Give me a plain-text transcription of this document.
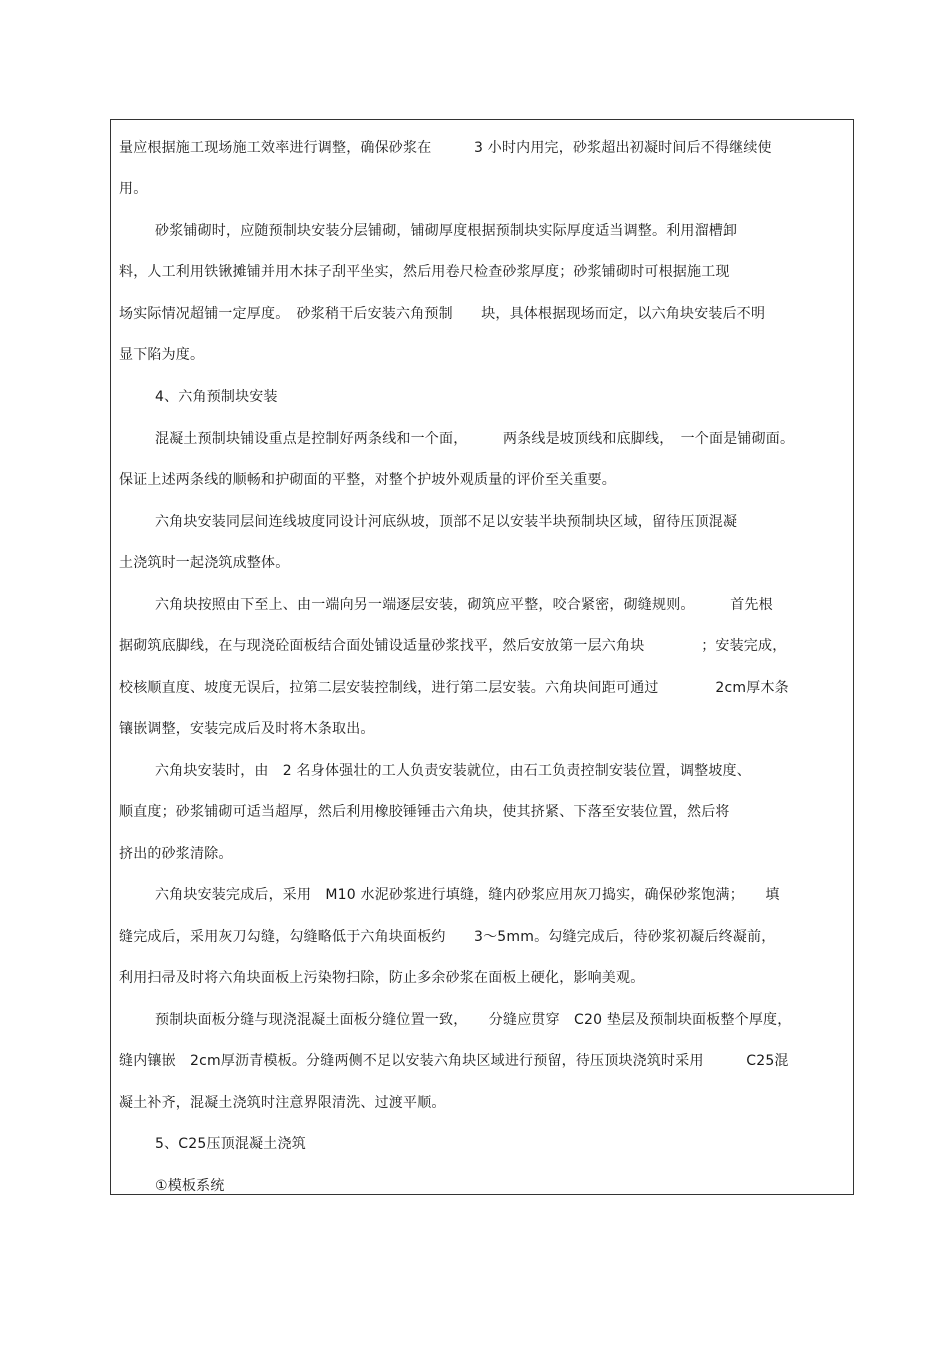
量应根据施工现场施工效率进行调整，确保砂浆在　　　3 小时内用完，砂浆超出初凝时间后不得继续使
用。
砂浆铺砌时，应随预制块安装分层铺砌，铺砌厚度根据预制块实际厚度适当调整。利用溜槽卸
料，人工利用铁锹摊铺并用木抹子刮平坐实，然后用卷尺检查砂浆厚度；砂浆铺砌时可根据施工现
场实际情况超铺一定厚度。　砂浆稍干后安装六角预制　　块，具体根据现场而定，以六角块安装后不明
显下陷为度。
4、六角预制块安装
混凝土预制块铺设重点是控制好两条线和一个面，　　　两条线是坡顶线和底脚线，　一个面是铺砌面。
保证上述两条线的顺畅和护砌面的平整，对整个护坡外观质量的评价至关重要。
六角块安装同层间连线坡度同设计河底纵坡，顶部不足以安装半块预制块区域，留待压顶混凝
土浇筑时一起浇筑成整体。
六角块按照由下至上、由一端向另一端逐层安装，砌筑应平整，咬合紧密，砌缝规则。　　　首先根
据砌筑底脚线，在与现浇砼面板结合面处铺设适量砂浆找平，然后安放第一层六角块　　　　；安装完成，
校核顺直度、坡度无误后，拉第二层安装控制线，进行第二层安装。六角块间距可通过　　　　2cm厚木条
镶嵌调整，安装完成后及时将木条取出。
六角块安装时，由　2 名身体强壮的工人负责安装就位，由石工负责控制安装位置，调整坡度、
顺直度；砂浆铺砌可适当超厚，然后利用橡胶锤锤击六角块，使其挤紧、下落至安装位置，然后将
挤出的砂浆清除。
六角块安装完成后，采用　M10 水泥砂浆进行填缝，缝内砂浆应用灰刀捣实，确保砂浆饱满；　　填
缝完成后，采用灰刀勾缝，勾缝略低于六角块面板约　　3～5mm。勾缝完成后，待砂浆初凝后终凝前，
利用扫帚及时将六角块面板上污染物扫除，防止多余砂浆在面板上硬化，影响美观。
预制块面板分缝与现浇混凝土面板分缝位置一致，　　分缝应贯穿　C20 垫层及预制块面板整个厚度，
缝内镶嵌　2cm厚沥青模板。分缝两侧不足以安装六角块区域进行预留，待压顶块浇筑时采用　　　C25混
凝土补齐，混凝土浇筑时注意界限清洗、过渡平顺。
5、C25压顶混凝土浇筑
①模板系统
